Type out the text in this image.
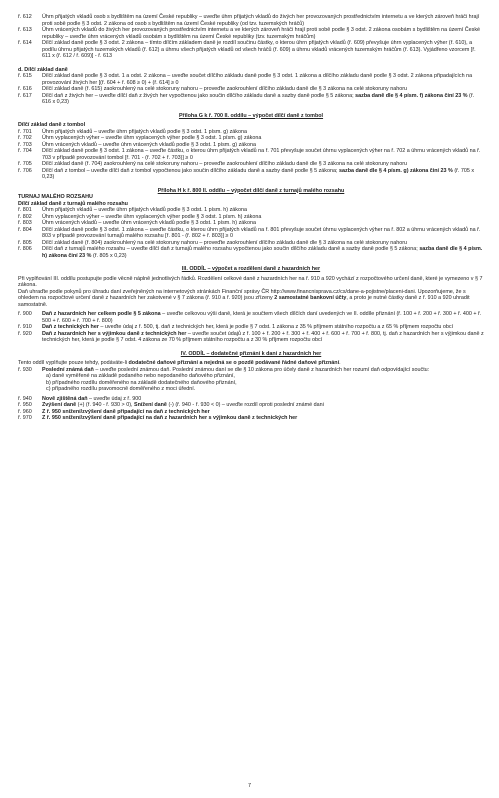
ř. 612	Úhrn přijatých vkladů osob s bydlištěm na území České republiky – uveďte úhrn přijatých vkladů do živých her provozovaných prostřednictvím internetu a ve kterých zároveň hráči hrají proti sobě podle § 3 odst. 2 zákona od osob s bydlištěm na území České republiky (od tzv. tuzemských hráčů)
ř. 613	Úhrn vrácených vkladů do živých her provozovaných prostřednictvím internetu a ve kterých zároveň hráči hrají proti sobě podle § 3 odst. 2 zákona osobám s bydlištěm na území České republiky – uveďte úhrn vrácených vkladů osobám s bydlištěm na území České republiky (tzv. tuzemským hráčům)
ř. 614	Dílčí základ daně podle § 3 odst. 2 zákona – tímto dílčím základem daně je rozdíl součinu částky, o kterou úhrn přijatých vkladů (ř. 609) převyšuje úhrn vyplacených výher (ř. 610), a podílu úhrnu přijatých tuzemských vkladů (ř. 612) a úhrnu všech přijatých vkladů od všech hráčů (ř. 609) a úhrnu vkladů vrácených tuzemským hráčům (ř. 613). Vyjádřeno vzorcem [ř. 611 x (ř. 612 / ř. 609)] - ř. 613
d. Dílčí základ daně
ř. 615	Dílčí základ daně podle § 3 odst. 1 a odst. 2 zákona – uveďte součet dílčího základu daně podle § 3 odst. 1 zákona a dílčího základu daně podle § 3 odst. 2 zákona připadajících na provozování živých her [(ř. 604 + ř. 608 ≥ 0) + (ř. 614] ≥ 0
ř. 616	Dílčí základ daně (ř. 615) zaokrouhlený na celé stokoruny nahoru – proveďte zaokrouhlení dílčího základu daně dle § 3 zákona na celé stokoruny nahoru
ř. 617	Dílčí daň z živých her – uveďte dílčí daň z živých her vypočtenou jako součin dílčího základu daně a sazby daně podle § 5 zákona; sazba daně dle § 4 písm. f) zákona činí 23 % (ř. 616 x 0,23)
Příloha G k ř. 700 II. oddílu – výpočet dílčí daně z tombol
Dílčí základ daně z tombol
ř. 701	Úhrn přijatých vkladů – uveďte úhrn přijatých vkladů podle § 3 odst. 1 písm. g) zákona
ř. 702	Úhrn vyplacených výher – uveďte úhrn vyplacených výher podle § 3 odst. 1 písm. g) zákona
ř. 703	Úhrn vrácených vkladů – uveďte úhrn vrácených vkladů podle § 3 odst. 1 písm. g) zákona
ř. 704	Dílčí základ daně podle § 3 odst. 1 zákona – uveďte částku, o kterou úhrn přijatých vkladů na ř. 701 převyšuje součet úhrnu vyplacených výher na ř. 702 a úhrnu vrácených vkladů na ř. 703 v případě provozování tombol [ř. 701 - (ř. 702 + ř. 703)] ≥ 0
ř. 705	Dílčí základ daně (ř. 704) zaokrouhlený na celé stokoruny nahoru – proveďte zaokrouhlení dílčího základu daně dle § 3 zákona na celé stokoruny nahoru
ř. 706	Dílčí daň z tombol – uveďte dílčí daň z tombol vypočtenou jako součin dílčího základu daně a sazby daně podle § 5 zákona; sazba daně dle § 4 písm. g) zákona činí 23 % (ř. 705 x 0,23)
Příloha H k ř. 800 II. oddílu – výpočet dílčí daně z turnajů malého rozsahu
TURNAJ MALÉHO ROZSAHU
Dílčí základ daně z turnajů malého rozsahu
ř. 801	Úhrn přijatých vkladů – uveďte úhrn přijatých vkladů podle § 3 odst. 1 písm. h) zákona
ř. 802	Úhrn vyplacených výher – uveďte úhrn vyplacených výher podle § 3 odst. 1 písm. h) zákona
ř. 803	Úhrn vrácených vkladů – uveďte úhrn vrácených vkladů podle § 3 odst. 1 písm. h) zákona
ř. 804	Dílčí základ daně podle § 3 odst. 1 zákona – uveďte částku, o kterou úhrn přijatých vkladů na ř. 801 převyšuje součet úhrnu vyplacených výher na ř. 802 a úhrnu vrácených vkladů na ř. 803 v případě provozování turnajů malého rozsahu [ř. 801 - (ř. 802 + ř. 803)] ≥ 0
ř. 805	Dílčí základ daně (ř. 804) zaokrouhlený na celé stokoruny nahoru – proveďte zaokrouhlení dílčího základu daně dle § 3 zákona na celé stokoruny nahoru
ř. 806	Dílčí daň z turnajů malého rozsahu – uveďte dílčí daň z turnajů malého rozsahu vypočtenou jako součin dílčího základu daně a sazby daně podle § 5 zákona; sazba daně dle § 4 písm. h) zákona činí 23 % (ř. 805 x 0,23)
III. ODDÍL – výpočet a rozdělení daně z hazardních her

Při vyplňování III. oddílu postupujte podle věcně náplně jednotlivých řádků. Rozdělení celkové daně z hazardních her na ř. 910 a 920 vychází z rozpočtového určení daně, které je vymezeno v § 7 zákona.

Daň uhraďte podle pokynů pro úhradu daní zveřejněných na internetových stránkách Finanční správy ČR http://www.financnisprava.cz/cs/dane-a-pojistne/placeni-dani. Upozorňujeme, že s ohledem na rozpočtové určení daně z hazardních her zakotvené v § 7 zákona (ř. 910 a ř. 920) jsou zřízeny 2 samostatné bankovní účty, a proto je nutné částky daně z ř. 910 a 920 uhradit samostatně.

ř. 900	Daň z hazardních her celkem podle § 5 zákona – uveďte celkovou výši daně, která je součtem všech dílčích daní uvedených ve II. oddíle přiznání (ř. 100 + ř. 200 + ř. 300 + ř. 400 + ř. 500 + ř. 600 + ř. 700 + ř. 800)
ř. 910	Daň z technických her – uveďte údaj z ř. 500, tj. daň z technických her, která je podle § 7 odst. 1 zákona z 35 % příjmem státního rozpočtu a z 65 % příjmem rozpočtu obcí
ř. 920	Daň z hazardních her s výjimkou daně z technických her – uveďte součet údajů z ř. 100 + ř. 200 + ř. 300 + ř. 400 + ř. 600 + ř. 700 + ř. 800, tj. daň z hazardních her s výjimkou daně z technických her, která je podle § 7 odst. 4 zákona ze 70 % příjmem státního rozpočtu a z 30 % příjmem rozpočtu obcí
IV. ODDÍL – dodatečné přiznání k dani z hazardních her

Tento oddíl vyplňujte pouze tehdy, podáváte-li dodatečné daňové přiznání a nejedná se o pozdě podávané řádné daňové přiznání.

ř. 930	Poslední známá daň – uveďte poslední známou daň. Poslední známou daní se dle § 10 zákona pro účely daně z hazardních her rozumí daň odpovídající součtu:
a) daně vyměřené na základě podaného nebo nepodaného daňového přiznání,
b) případného rozdílu doměřeného na základě dodatečného daňového přiznání,
c) případného rozdílu pravomocně doměřeného z moci úřední.
ř. 940	Nově zjištěná daň – uveďte údaj z ř. 900
ř. 950	Zvýšení daně (+) (ř. 940 - ř. 930 > 0), Snížení daně (-) (ř. 940 - ř. 930 < 0) – uveďte rozdíl oproti poslední známé dani
ř. 960	Z ř. 950 snížení/zvýšení daně připadající na daň z technických her
ř. 970	Z ř. 950 snížení/zvýšení daně připadající na daň z hazardních her s výjimkou daně z technických her
7
